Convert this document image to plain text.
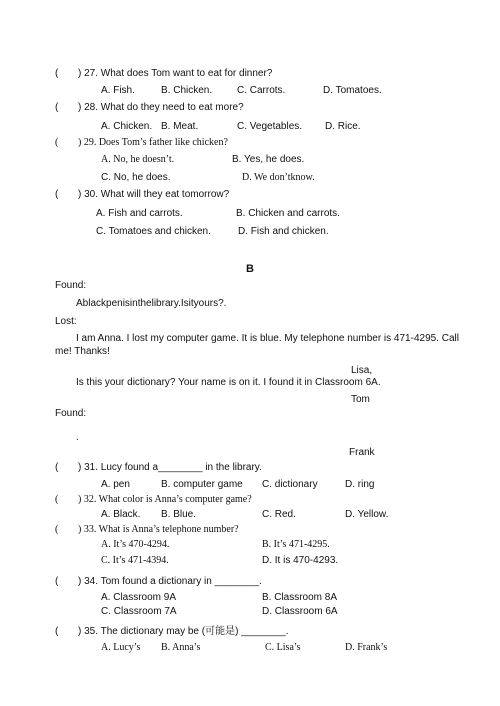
( ) 27. What does Tom want to eat for dinner?
A. Fish.	B. Chicken. C. Carrots.	D. Tomatoes.
( ) 28. What do they need to eat more?
A. Chicken. B. Meat.	C. Vegetables. D. Rice.
( ) 29. Does Tom’s father like chicken?
A. No, he doesn’t.	B. Yes, he does.
C. No, he does.	D. We don’tknow.
( ) 30. What will they eat tomorrow?
A. Fish and carrots.	B. Chicken and carrots.
C. Tomatoes and chicken.	D. Fish and chicken.
B
Found:
Ablackpenisinthelibrary.Isityours?.
Lost:
I am Anna. I lost my computer game. It is blue. My telephone number is 471-4295. Call
me! Thanks!
Lisa,
Is this your dictionary? Your name is on it. I found it in Classroom 6A.
Tom
Found:
.
Frank
( ) 31. Lucy found a________ in the library.
A. pen	B. computer game C. dictionary	D. ring
( ) 32. What color is Anna’s computer game?
A. Black. B. Blue.	C. Red.	D. Yellow.
( ) 33. What is Anna’s telephone number?
A. It’s 470-4294.	B. It’s 471-4295.
C. It’s 471-4394.	D. It is 470-4293.
( ) 34. Tom found a dictionary in ________.
A. Classroom 9A	B. Classroom 8A
C. Classroom 7A	D. Classroom 6A
( ) 35. The dictionary may be (可能是) ________.
A. Lucy’s B. Anna’s	C. Lisa’s	D. Frank’s
